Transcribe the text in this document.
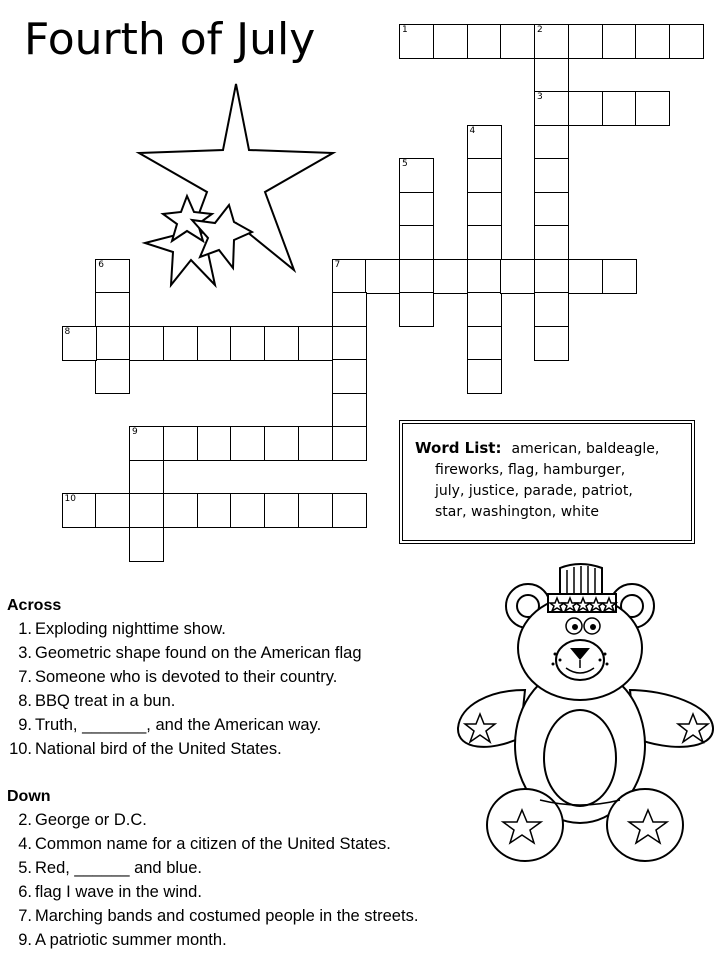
Fourth of July	1	2
3
4
5
7
6
8
9
10
Word List: american, baldeagle,
fireworks, flag, hamburger,
july, justice, parade, patriot,
star, washington, white
Across
1. Exploding nighttime show.
3. Geometric shape found on the American flag
7. Someone who is devoted to their country.
8. BBQ treat in a bun.
9. Truth, _______, and the American way.
10. National bird of the United States.
Down
2. George or D.C.
4. Common name for a citizen of the United States.
5. Red, ______ and blue.
6. flag I wave in the wind.
7. Marching bands and costumed people in the streets.
9. A patriotic summer month.
